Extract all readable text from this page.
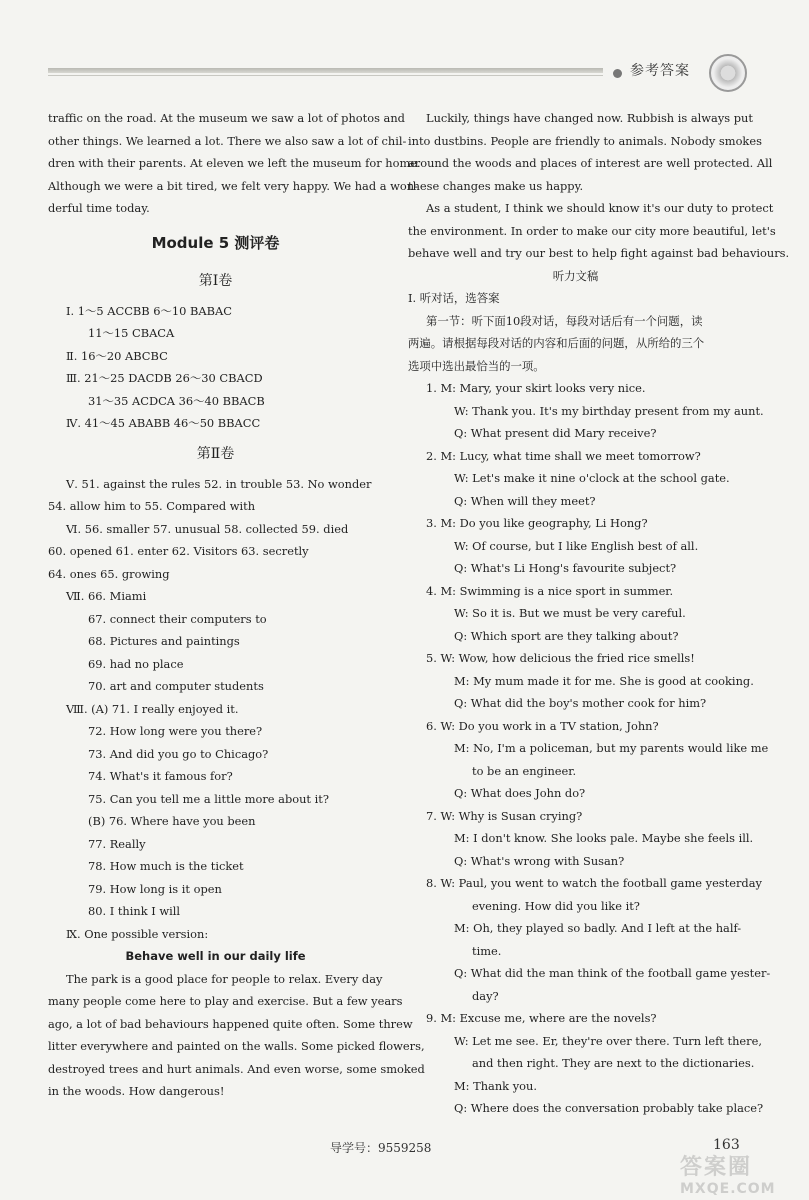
参考答案
traffic on the road. At the museum we saw a lot of photos and
other things. We learned a lot. There we also saw a lot of chil-
dren with their parents. At eleven we left the museum for home.
Although we were a bit tired, we felt very happy. We had a won-
derful time today.
Module 5 测评卷
第Ⅰ卷
Ⅰ. 1～5 ACCBB 6～10 BABAC
11～15 CBACA
Ⅱ. 16～20 ABCBC
Ⅲ. 21～25 DACDB 26～30 CBACD
31～35 ACDCA 36～40 BBACB
Ⅳ. 41～45 ABABB 46～50 BBACC
第Ⅱ卷
Ⅴ. 51. against the rules 52. in trouble 53. No wonder
54. allow him to 55. Compared with
Ⅵ. 56. smaller 57. unusual 58. collected 59. died
60. opened 61. enter 62. Visitors 63. secretly
64. ones 65. growing
Ⅶ. 66. Miami
67. connect their computers to
68. Pictures and paintings
69. had no place
70. art and computer students
Ⅷ. (A) 71. I really enjoyed it.
72. How long were you there?
73. And did you go to Chicago?
74. What's it famous for?
75. Can you tell me a little more about it?
(B) 76. Where have you been
77. Really
78. How much is the ticket
79. How long is it open
80. I think I will
Ⅸ. One possible version:
Behave well in our daily life
The park is a good place for people to relax. Every day
many people come here to play and exercise. But a few years
ago, a lot of bad behaviours happened quite often. Some threw
litter everywhere and painted on the walls. Some picked flowers,
destroyed trees and hurt animals. And even worse, some smoked
in the woods. How dangerous!
Luckily, things have changed now. Rubbish is always put
into dustbins. People are friendly to animals. Nobody smokes
around the woods and places of interest are well protected. All
these changes make us happy.
As a student, I think we should know it's our duty to protect
the environment. In order to make our city more beautiful, let's
behave well and try our best to help fight against bad behaviours.
听力文稿
Ⅰ. 听对话，选答案
第一节：听下面10段对话，每段对话后有一个问题，读
两遍。请根据每段对话的内容和后面的问题，从所给的三个
选项中选出最恰当的一项。
1. M: Mary, your skirt looks very nice.
W: Thank you. It's my birthday present from my aunt.
Q: What present did Mary receive?
2. M: Lucy, what time shall we meet tomorrow?
W: Let's make it nine o'clock at the school gate.
Q: When will they meet?
3. M: Do you like geography, Li Hong?
W: Of course, but I like English best of all.
Q: What's Li Hong's favourite subject?
4. M: Swimming is a nice sport in summer.
W: So it is. But we must be very careful.
Q: Which sport are they talking about?
5. W: Wow, how delicious the fried rice smells!
M: My mum made it for me. She is good at cooking.
Q: What did the boy's mother cook for him?
6. W: Do you work in a TV station, John?
M: No, I'm a policeman, but my parents would like me
to be an engineer.
Q: What does John do?
7. W: Why is Susan crying?
M: I don't know. She looks pale. Maybe she feels ill.
Q: What's wrong with Susan?
8. W: Paul, you went to watch the football game yesterday
evening. How did you like it?
M: Oh, they played so badly. And I left at the half-
time.
Q: What did the man think of the football game yester-
day?
9. M: Excuse me, where are the novels?
W: Let me see. Er, they're over there. Turn left there,
and then right. They are next to the dictionaries.
M: Thank you.
Q: Where does the conversation probably take place?
导学号：9559258	163
答案圈
MXQE.COM
